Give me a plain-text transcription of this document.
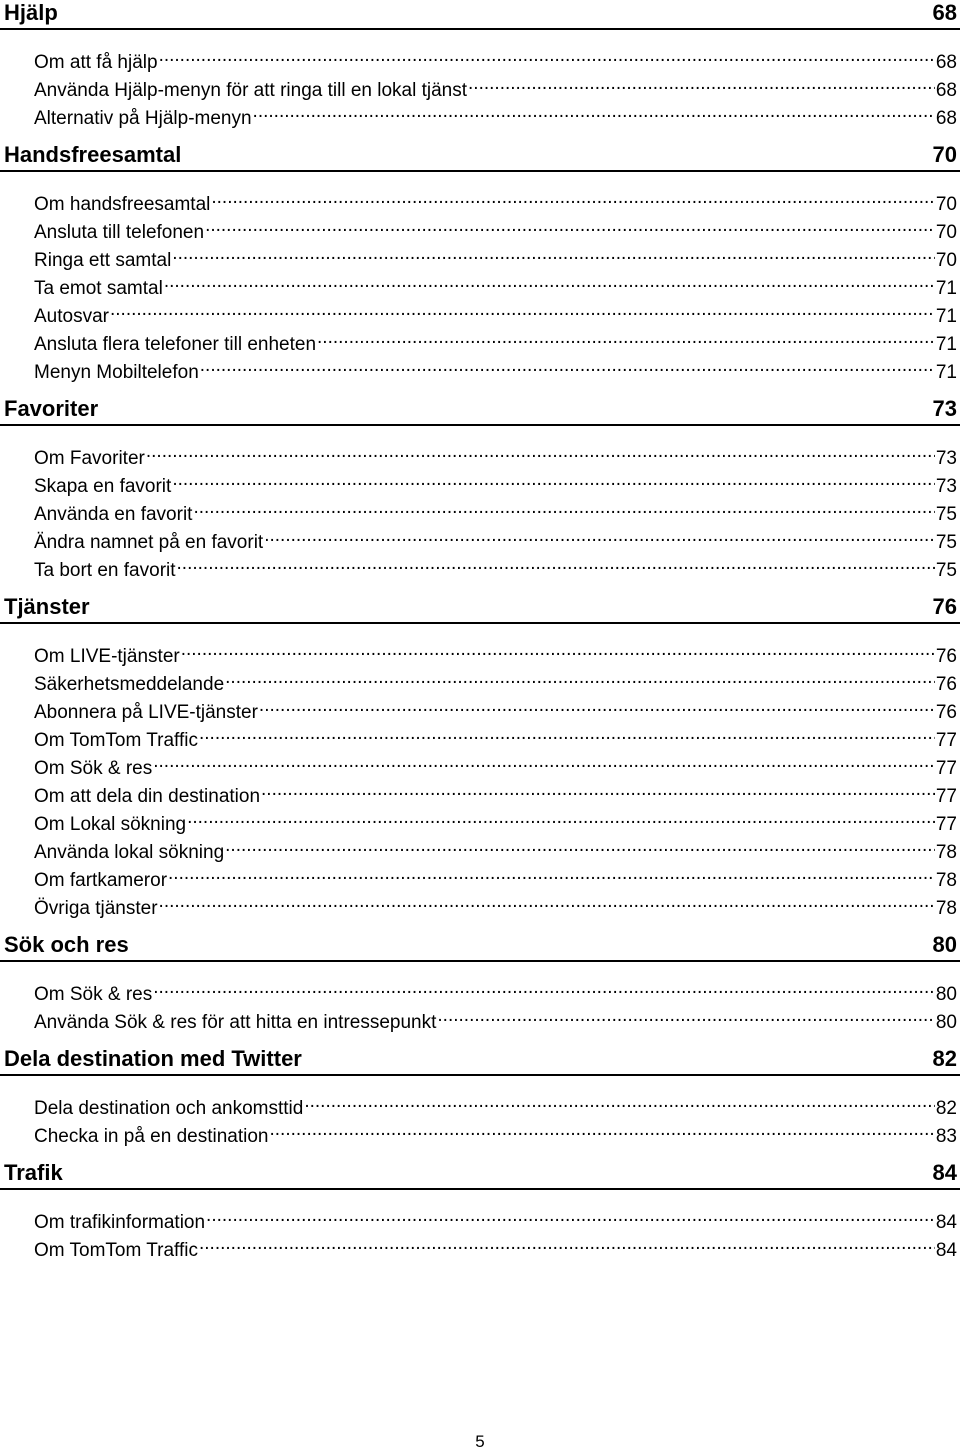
Hjälp	68
Om att få hjälp .....	68
Använda Hjälp-menyn för att ringa till en lokal tjänst .....	68
Alternativ på Hjälp-menyn .....	68
Handsfreesamtal	70
Om handsfreesamtal .....	70
Ansluta till telefonen .....	70
Ringa ett samtal .....	70
Ta emot samtal .....	71
Autosvar .....	71
Ansluta flera telefoner till enheten .....	71
Menyn Mobiltelefon .....	71
Favoriter	73
Om Favoriter .....	73
Skapa en favorit .....	73
Använda en favorit .....	75
Ändra namnet på en favorit .....	75
Ta bort en favorit .....	75
Tjänster	76
Om LIVE-tjänster .....	76
Säkerhetsmeddelande .....	76
Abonnera på LIVE-tjänster .....	76
Om TomTom Traffic .....	77
Om Sök & res .....	77
Om att dela din destination .....	77
Om Lokal sökning .....	77
Använda lokal sökning .....	78
Om fartkameror .....	78
Övriga tjänster .....	78
Sök och res	80
Om Sök & res .....	80
Använda Sök & res för att hitta en intressepunkt .....	80
Dela destination med Twitter	82
Dela destination och ankomsttid .....	82
Checka in på en destination .....	83
Trafik	84
Om trafikinformation .....	84
Om TomTom Traffic .....	84
5
